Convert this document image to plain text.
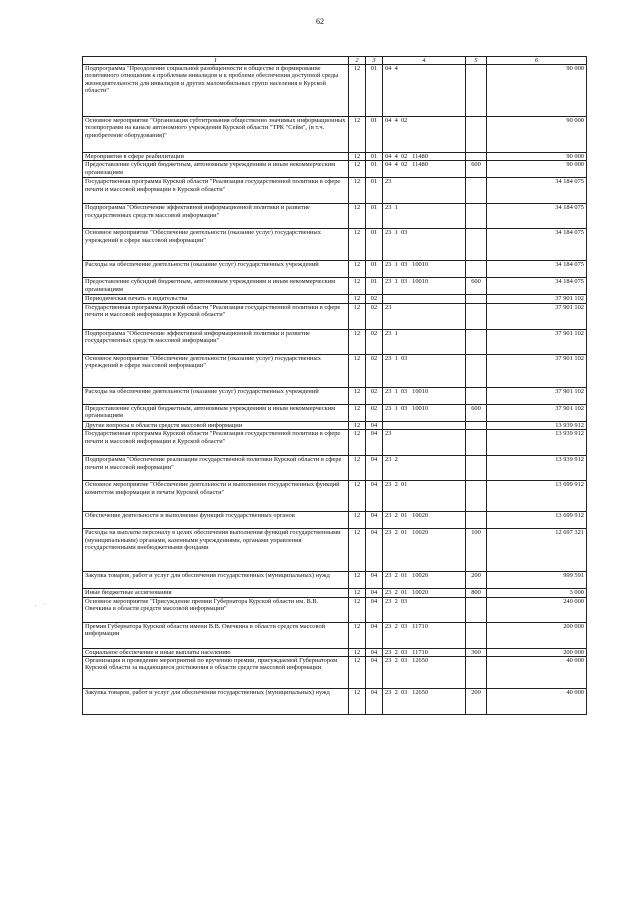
62
. .
1	2	3	4	5	6
Подпрограмма "Преодоление социальной разобщенности в обществе и формирование позитивного отношения к проблемам инвалидов и к проблеме обеспечения доступной среды жизнедеятельности для инвалидов и других маломобильных групп населения в Курской области"	12	01	04  4		90 000
Основное мероприятие "Организация субтитрования общественно значимых информационных телепрограмм на канале автономного учреждения Курской области "ТРК "Сейм", (в т.ч. приобретение оборудования)"	12	01	04  4  02		90 000
Мероприятия в сфере реабилитации	12	01	04  4  02   11480		90 000
Предоставление субсидий бюджетным, автономным учреждениям и иным некоммерческим организациям	12	01	04  4  02   11480	600	90 000
Государственная программа Курской области "Реализация государственной политики в сфере печати и массовой информации в Курской области"	12	01	23		34 184 075
Подпрограмма "Обеспечение эффективной информационной политики и развитие государственных средств массовой информации"	12	01	23  1		34 184 075
Основное мероприятие "Обеспечение деятельности (оказание услуг) государственных учреждений в сфере массовой информации"	12	01	23  1  03		34 184 075
Расходы на обеспечение деятельности (оказание услуг) государственных учреждений	12	01	23  1  03   10010		34 184 075
Предоставление субсидий бюджетным, автономным учреждениям и иным некоммерческим организациям	12	01	23  1  03   10010	600	34 184 075
Периодическая печать и издательства	12	02			37 901 102
Государственная программа Курской области "Реализация государственной политики в сфере печати и массовой информации в Курской области"	12	02	23		37 901 102
Подпрограмма "Обеспечение эффективной информационной политики и развитие государственных средств массовой информации"	12	02	23  1		37 901 102
Основное мероприятие "Обеспечение деятельности (оказание услуг) государственных учреждений в сфере массовой информации"	12	02	23  1  03		37 901 102
Расходы на обеспечение деятельности (оказание услуг) государственных учреждений	12	02	23  1  03   10010		37 901 102
Предоставление субсидий бюджетным, автономным учреждениям и иным некоммерческим организациям	12	02	23  1  03   10010	600	37 901 102
Другие вопросы в области средств массовой информации	12	04			13 939 912
Государственная программа Курской области "Реализация государственной политики в сфере печати и массовой информации в Курской области"	12	04	23		13 939 912
Подпрограмма "Обеспечение реализации государственной политики Курской области в сфере печати и массовой информации"	12	04	23  2		13 939 912
Основное мероприятие "Обеспечение деятельности и выполнения государственных функций комитетом информации и печати Курской области"	12	04	23  2  01		13 699 912
Обеспечение деятельности и выполнение функций государственных органов	12	04	23  2  01   10020		13 699 912
Расходы на выплаты персоналу в целях обеспечения выполнения функций государственными (муниципальными) органами, казенными учреждениями, органами управления государственными внебюджетными фондами	12	04	23  2  01   10020	100	12 697 321
Закупка товаров, работ и услуг для обеспечения государственных (муниципальных) нужд	12	04	23  2  01   10020	200	999 591
Иные бюджетные ассигнования	12	04	23  2  01   10020	800	3 000
Основное мероприятие "Присуждение премии Губернатора Курской области им. В.В. Овечкина в области средств массовой информации"	12	04	23  2  03		240 000
Премия Губернатора Курской области имени В.В. Овечкина в области средств массовой информации	12	04	23  2  03   11710		200 000
Социальное обеспечение и иные выплаты населению	12	04	23  2  03   11710	300	200 000
Организация и проведение мероприятий по вручению премии, присуждаемой Губернатором Курской области за выдающиеся достижения в области средств массовой информации	12	04	23  2  03   12650		40 000
Закупка товаров, работ и услуг для обеспечения государственных (муниципальных) нужд	12	04	23  2  03   12650	200	40 000
